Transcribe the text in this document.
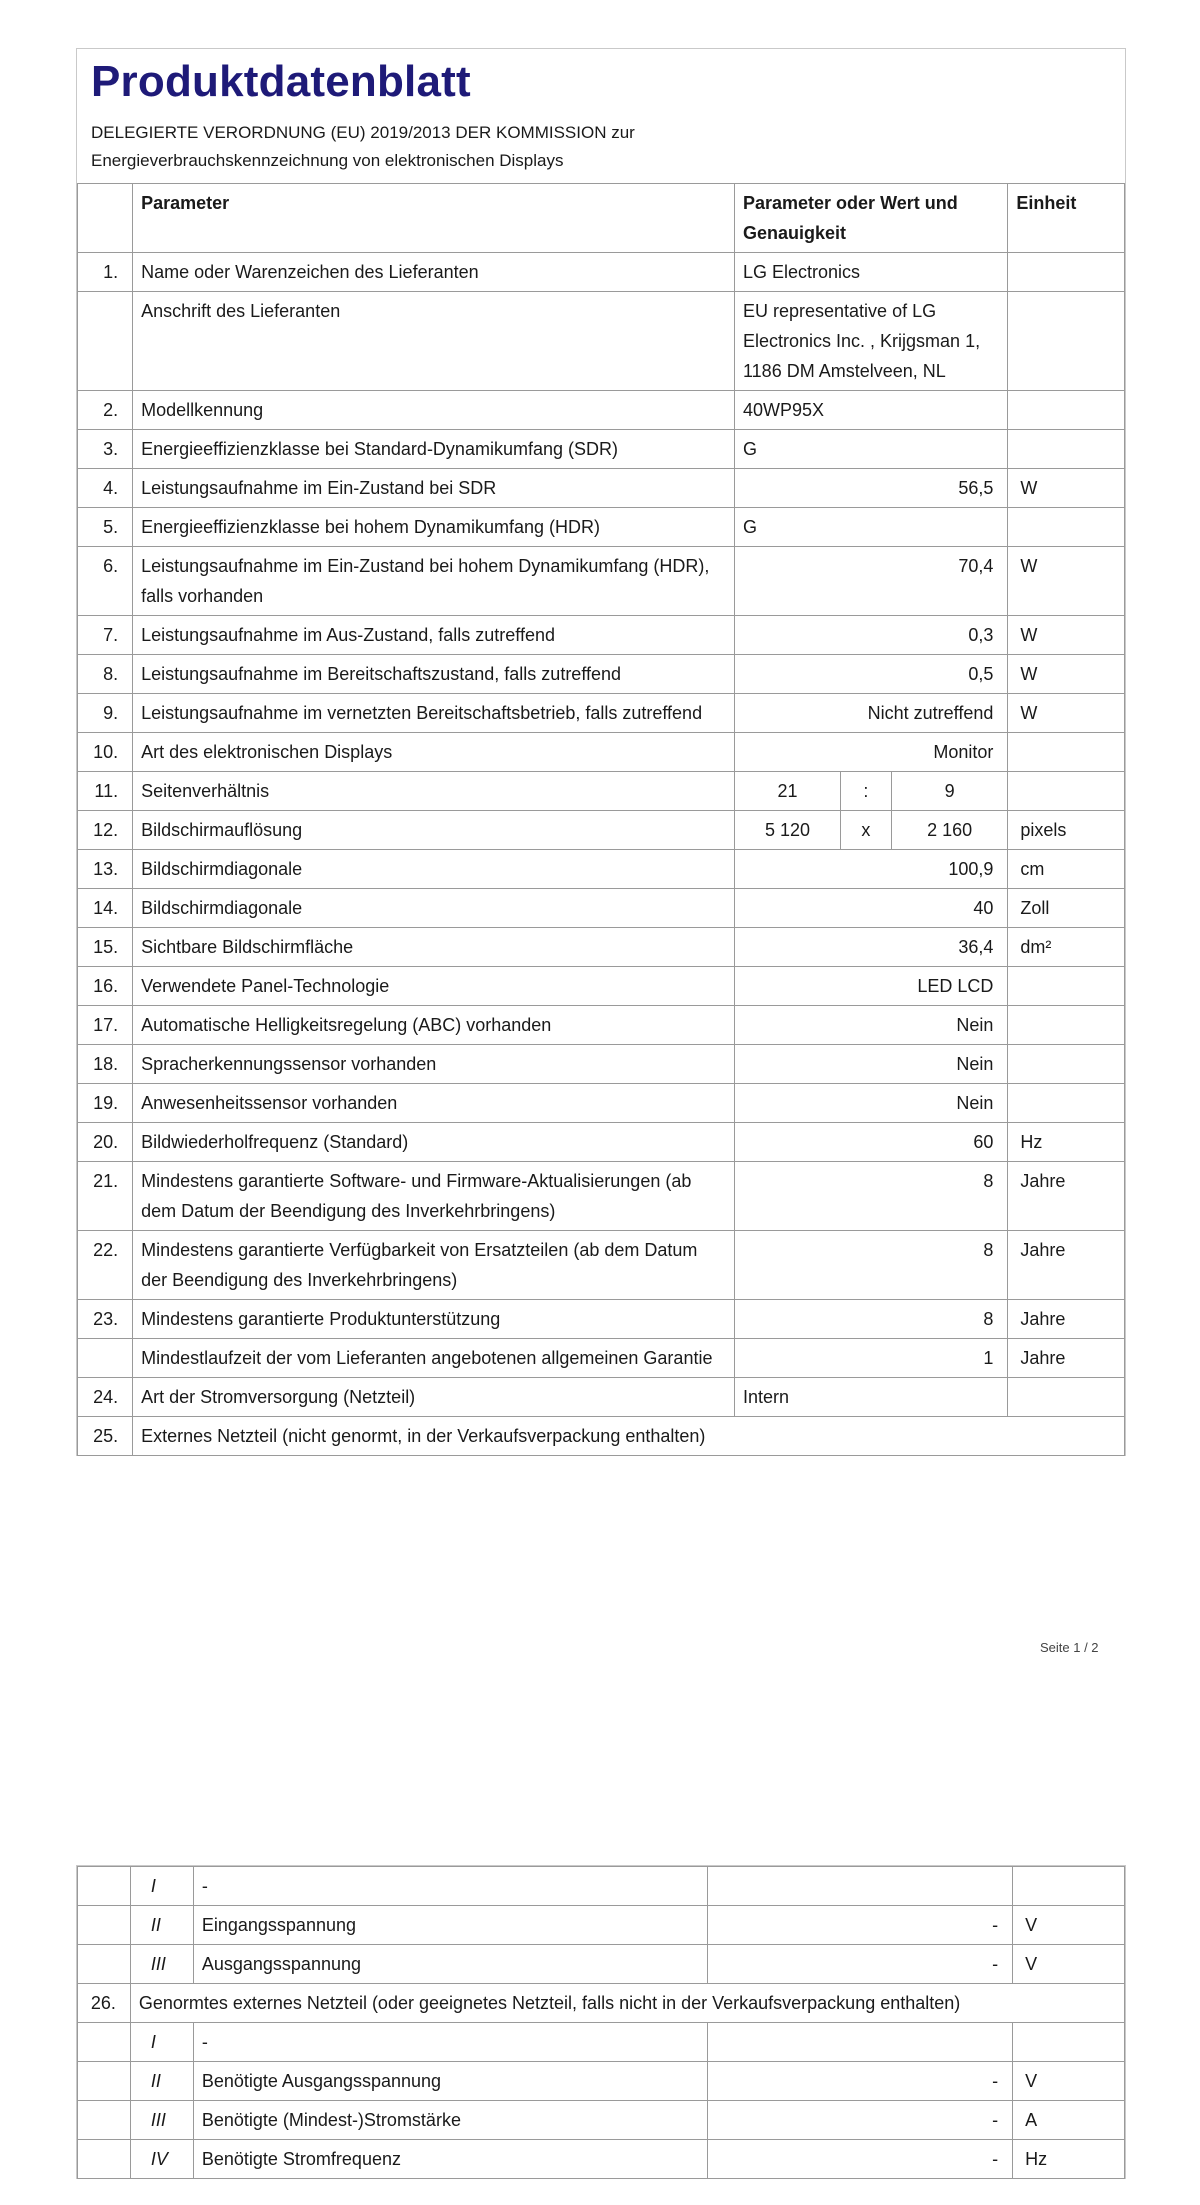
Produktdatenblatt
DELEGIERTE VERORDNUNG (EU) 2019/2013 DER KOMMISSION zur
Energieverbrauchskennzeichnung von elektronischen Displays
	Parameter	Parameter oder Wert und Genauigkeit			Einheit
1.	Name oder Warenzeichen des Lieferanten	LG Electronics			
	Anschrift des Lieferanten	EU representative of LG Electronics Inc. , Krijgsman 1, 1186 DM Amstelveen, NL			
2.	Modellkennung	40WP95X			
3.	Energieeffizienzklasse bei Standard-Dynamikumfang (SDR)	G			
4.	Leistungsaufnahme im Ein-Zustand bei SDR	56,5			W
5.	Energieeffizienzklasse bei hohem Dynamikumfang (HDR)	G			
6.	Leistungsaufnahme im Ein-Zustand bei hohem Dynamikumfang (HDR), falls vorhanden	70,4			W
7.	Leistungsaufnahme im Aus-Zustand, falls zutreffend	0,3			W
8.	Leistungsaufnahme im Bereitschaftszustand, falls zutreffend	0,5			W
9.	Leistungsaufnahme im vernetzten Bereitschaftsbetrieb, falls zutreffend	Nicht zutreffend			W
10.	Art des elektronischen Displays	Monitor			
11.	Seitenverhältnis	21	:	9	
12.	Bildschirmauflösung	5 120	x	2 160	pixels
13.	Bildschirmdiagonale	100,9			cm
14.	Bildschirmdiagonale	40			Zoll
15.	Sichtbare Bildschirmfläche	36,4			dm²
16.	Verwendete Panel-Technologie	LED LCD			
17.	Automatische Helligkeitsregelung (ABC) vorhanden	Nein			
18.	Spracherkennungssensor vorhanden	Nein			
19.	Anwesenheitssensor vorhanden	Nein			
20.	Bildwiederholfrequenz (Standard)	60			Hz
21.	Mindestens garantierte Software- und Firmware-Aktualisierungen (ab dem Datum der Beendigung des Inverkehrbringens)	8			Jahre
22.	Mindestens garantierte Verfügbarkeit von Ersatzteilen (ab dem Datum der Beendigung des Inverkehrbringens)	8			Jahre
23.	Mindestens garantierte Produktunterstützung	8			Jahre
	Mindestlaufzeit der vom Lieferanten angebotenen allgemeinen Garantie	1			Jahre
24.	Art der Stromversorgung (Netzteil)	Intern			
25.	Externes Netzteil (nicht genormt, in der Verkaufsverpackung enthalten)				
Seite 1 / 2
	I	-		
	II	Eingangsspannung	-	V
	III	Ausgangsspannung	-	V
26.	Genormtes externes Netzteil (oder geeignetes Netzteil, falls nicht in der Verkaufsverpackung enthalten)			
	I	-		
	II	Benötigte Ausgangsspannung	-	V
	III	Benötigte (Mindest-)Stromstärke	-	A
	IV	Benötigte Stromfrequenz	-	Hz
